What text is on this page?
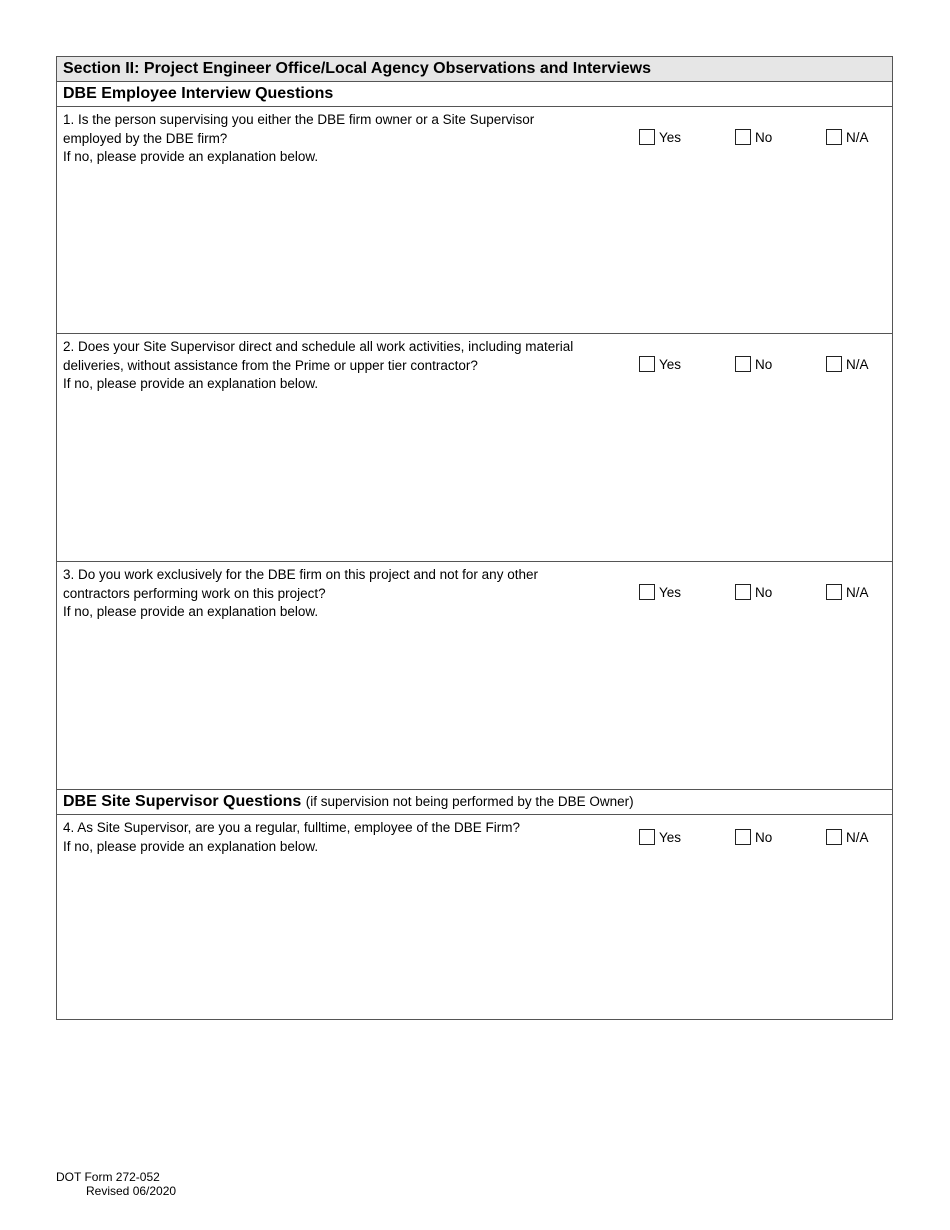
Section II: Project Engineer Office/Local Agency Observations and Interviews
DBE Employee Interview Questions
1. Is the person supervising you either the DBE firm owner or a Site Supervisor
employed by the DBE firm?
If no, please provide an explanation below.
Yes	No	N/A
2. Does your Site Supervisor direct and schedule all work activities, including material
deliveries, without assistance from the Prime or upper tier contractor?
If no, please provide an explanation below.
Yes	No	N/A
3. Do you work exclusively for the DBE firm on this project and not for any other
contractors performing work on this project?
If no, please provide an explanation below.
Yes	No	N/A
DBE Site Supervisor Questions (if supervision not being performed by the DBE Owner)
4. As Site Supervisor, are you a regular, fulltime, employee of the DBE Firm?
If no, please provide an explanation below.
Yes	No	N/A
DOT Form 272-052
Revised 06/2020
